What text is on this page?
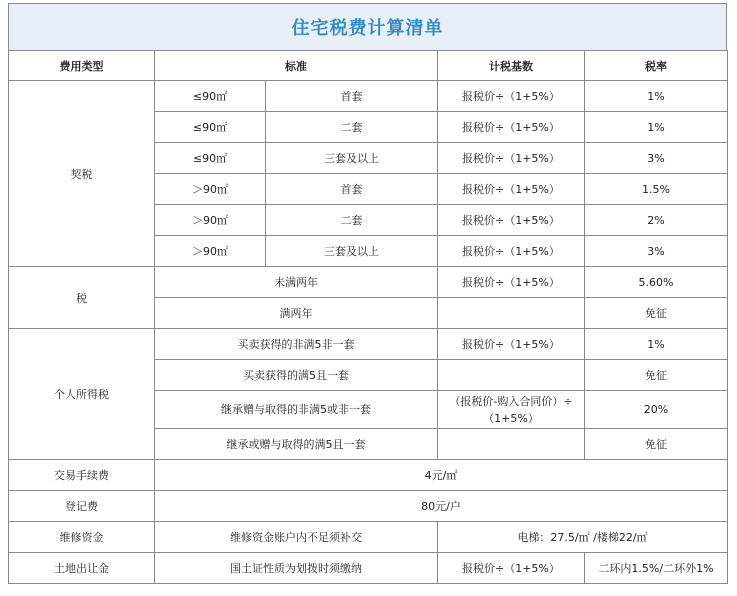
住宅税费计算清单
费用类型	标准		计税基数	税率
契税	≤90㎡	首套	报税价÷（1+5%）	1%
	≤90㎡	二套	报税价÷（1+5%）	1%
	≤90㎡	三套及以上	报税价÷（1+5%）	3%
	＞90㎡	首套	报税价÷（1+5%）	1.5%
	＞90㎡	二套	报税价÷（1+5%）	2%
	＞90㎡	三套及以上	报税价÷（1+5%）	3%
税	未满两年		报税价÷（1+5%）	5.60%
	满两年			免征
个人所得税	买卖获得的非满5非一套		报税价÷（1+5%）	1%
	买卖获得的满5且一套			免征
	继承赠与取得的非满5或非一套		（报税价-购入合同价）÷
（1+5%）	20%
	继承或赠与取得的满5且一套			免征
交易手续费	4元/㎡			
登记费	80元/户			
维修资金	维修资金账户内不足须补交		电梯：27.5/㎡ /楼梯22/㎡	
土地出让金	国土证性质为划拨时须缴纳		报税价÷（1+5%）	二环内1.5%/二环外1%
